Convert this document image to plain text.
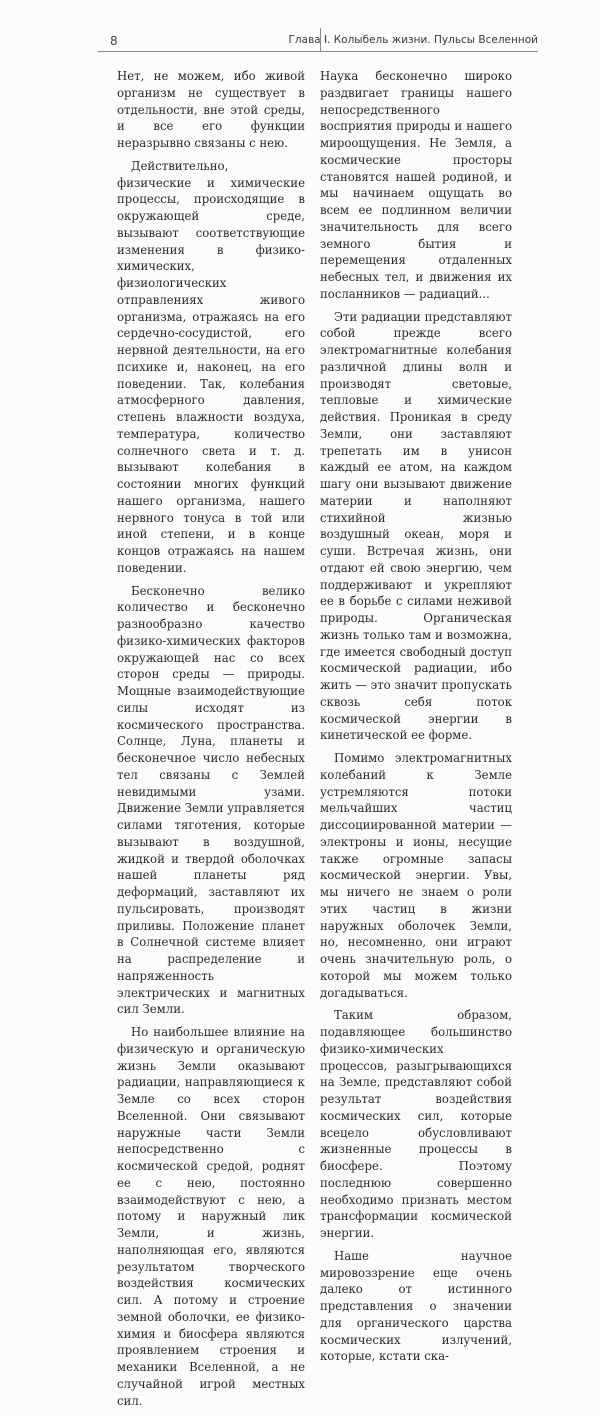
8	Глава I. Колыбель жизни. Пульсы Вселенной

Нет, не можем, ибо живой организм не существует в отдельности, вне этой среды, и все его функции неразрывно связаны с нею.

Действительно, физические и химические процессы, происходящие в окружающей среде, вызывают соответствующие изменения в физико-химических, физиологических отправлениях живого организма, отражаясь на его сердечно-сосудистой, его нервной деятельности, на его психике и, наконец, на его поведении. Так, колебания атмосферного давления, степень влажности воздуха, температура, количество солнечного света и т. д. вызывают колебания в состоянии многих функций нашего организма, нашего нервного тонуса в той или иной степени, и в конце концов отражаясь на нашем поведении.

Бесконечно велико количество и бесконечно разнообразно качество физико-химических факторов окружающей нас со всех сторон среды — природы. Мощные взаимодействующие силы исходят из космического пространства. Солнце, Луна, планеты и бесконечное число небесных тел связаны с Землей невидимыми узами. Движение Земли управляется силами тяготения, которые вызывают в воздушной, жидкой и твердой оболочках нашей планеты ряд деформаций, заставляют их пульсировать, производят приливы. Положение планет в Солнечной системе влияет на распределение и напряженность электрических и магнитных сил Земли.

Но наибольшее влияние на физическую и органическую жизнь Земли оказывают радиации, направляющиеся к Земле со всех сторон Вселенной. Они связывают наружные части Земли непосредственно с космической средой, роднят ее с нею, постоянно взаимодействуют с нею, а потому и наружный лик Земли, и жизнь, наполняющая его, являются результатом творческого воздействия космических сил. А потому и строение земной оболочки, ее физико-химия и биосфера являются проявлением строения и механики Вселенной, а не случайной игрой местных сил.

Наука бесконечно широко раздвигает границы нашего непосредственного восприятия природы и нашего мироощущения. Не Земля, а космические просторы становятся нашей родиной, и мы начинаем ощущать во всем ее подлинном величии значительность для всего земного бытия и перемещения отдаленных небесных тел, и движения их посланников — радиаций...

Эти радиации представляют собой прежде всего электромагнитные колебания различной длины волн и производят световые, тепловые и химические действия. Проникая в среду Земли, они заставляют трепетать им в унисон каждый ее атом, на каждом шагу они вызывают движение материи и наполняют стихийной жизнью воздушный океан, моря и суши. Встречая жизнь, они отдают ей свою энергию, чем поддерживают и укрепляют ее в борьбе с силами неживой природы. Органическая жизнь только там и возможна, где имеется свободный доступ космической радиации, ибо жить — это значит пропускать сквозь себя поток космической энергии в кинетической ее форме.

Помимо электромагнитных колебаний к Земле устремляются потоки мельчайших частиц диссоциированной материи — электроны и ионы, несущие также огромные запасы космической энергии. Увы, мы ничего не знаем о роли этих частиц в жизни наружных оболочек Земли, но, несомненно, они играют очень значительную роль, о которой мы можем только догадываться.

Таким образом, подавляющее большинство физико-химических процессов, разыгрывающихся на Земле, представляют собой результат воздействия космических сил, которые всецело обусловливают жизненные процессы в биосфере. Поэтому последнюю совершенно необходимо признать местом трансформации космической энергии.

Наше научное мировоззрение еще очень далеко от истинного представления о значении для органического царства космических излучений, которые, кстати ска-
